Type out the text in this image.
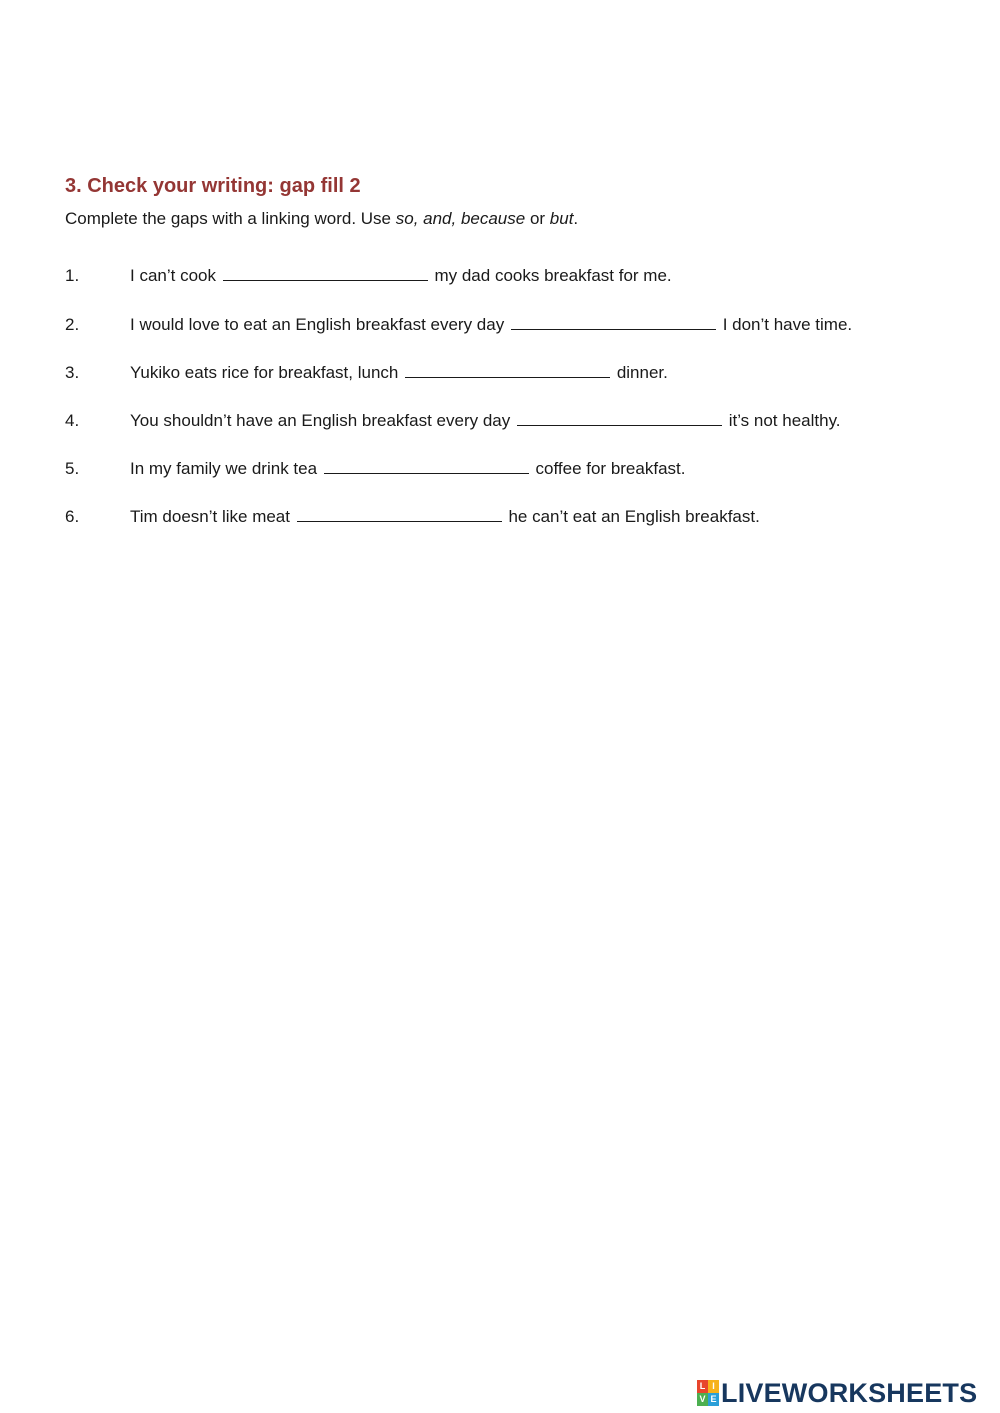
3. Check your writing: gap fill 2

Complete the gaps with a linking word. Use so, and, because or but.

1.	I can’t cook	my dad cooks breakfast for me.
2.	I would love to eat an English breakfast every day	I don’t have time.
3.	Yukiko eats rice for breakfast, lunch	dinner.
4.	You shouldn’t have an English breakfast every day	it’s not healthy.
5.	In my family we drink tea	coffee for breakfast.
6.	Tim doesn’t like meat	he can’t eat an English breakfast.
L I
V E LIVEWORKSHEETS
